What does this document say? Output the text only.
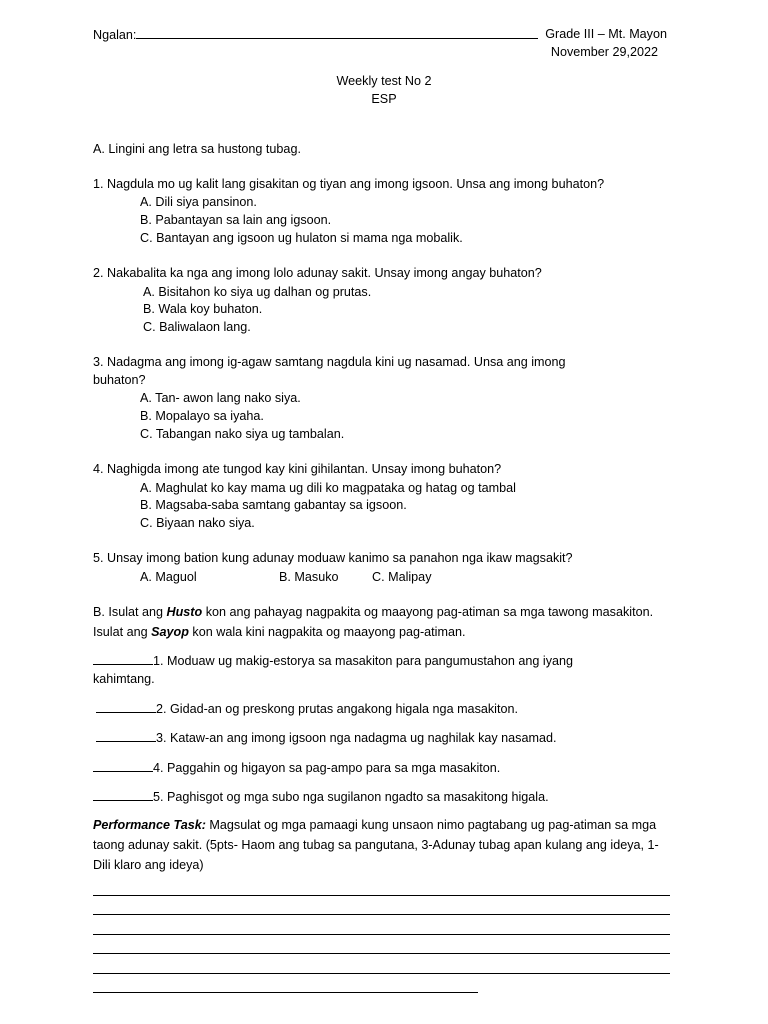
Ngalan:	Grade III – Mt. Mayon
November 29,2022
Weekly test No 2
ESP
A. Lingini ang letra sa hustong tubag.
1. Nagdula mo ug kalit lang gisakitan og tiyan ang imong igsoon. Unsa ang imong buhaton?
A. Dili siya pansinon.
B. Pabantayan sa lain ang igsoon.
C. Bantayan ang igsoon ug hulaton si mama nga mobalik.
2. Nakabalita ka nga ang imong lolo adunay sakit. Unsay imong angay buhaton?
A. Bisitahon ko siya ug dalhan og prutas.
B. Wala koy buhaton.
C. Baliwalaon lang.
3. Nadagma ang imong ig-agaw samtang nagdula kini ug nasamad. Unsa ang imong
buhaton?
A. Tan- awon lang nako siya.
B. Mopalayo sa iyaha.
C. Tabangan nako siya ug tambalan.
4. Naghigda imong ate tungod kay kini gihilantan. Unsay imong buhaton?
A. Maghulat ko kay mama ug dili ko magpataka og hatag og tambal
B. Magsaba-saba samtang gabantay sa igsoon.
C. Biyaan nako siya.
5. Unsay imong bation kung adunay moduaw kanimo sa panahon nga ikaw magsakit?
A. Maguol	B. Masuko	C. Malipay
B. Isulat ang Husto kon ang pahayag nagpakita og maayong pag-atiman sa mga tawong masakiton. Isulat ang Sayop kon wala kini nagpakita og maayong pag-atiman.
1. Moduaw ug makig-estorya sa masakiton para pangumustahon ang iyang
kahimtang.
2. Gidad-an og preskong prutas angakong higala nga masakiton.
3. Kataw-an ang imong igsoon nga nadagma ug naghilak kay nasamad.
4. Paggahin og higayon sa pag-ampo para sa mga masakiton.
5. Paghisgot og mga subo nga sugilanon ngadto sa masakitong higala.
Performance Task: Magsulat og mga pamaagi kung unsaon nimo pagtabang ug pag-atiman sa mga taong adunay sakit. (5pts- Haom ang tubag sa pangutana, 3-Adunay tubag apan kulang ang ideya, 1-Dili klaro ang ideya)
